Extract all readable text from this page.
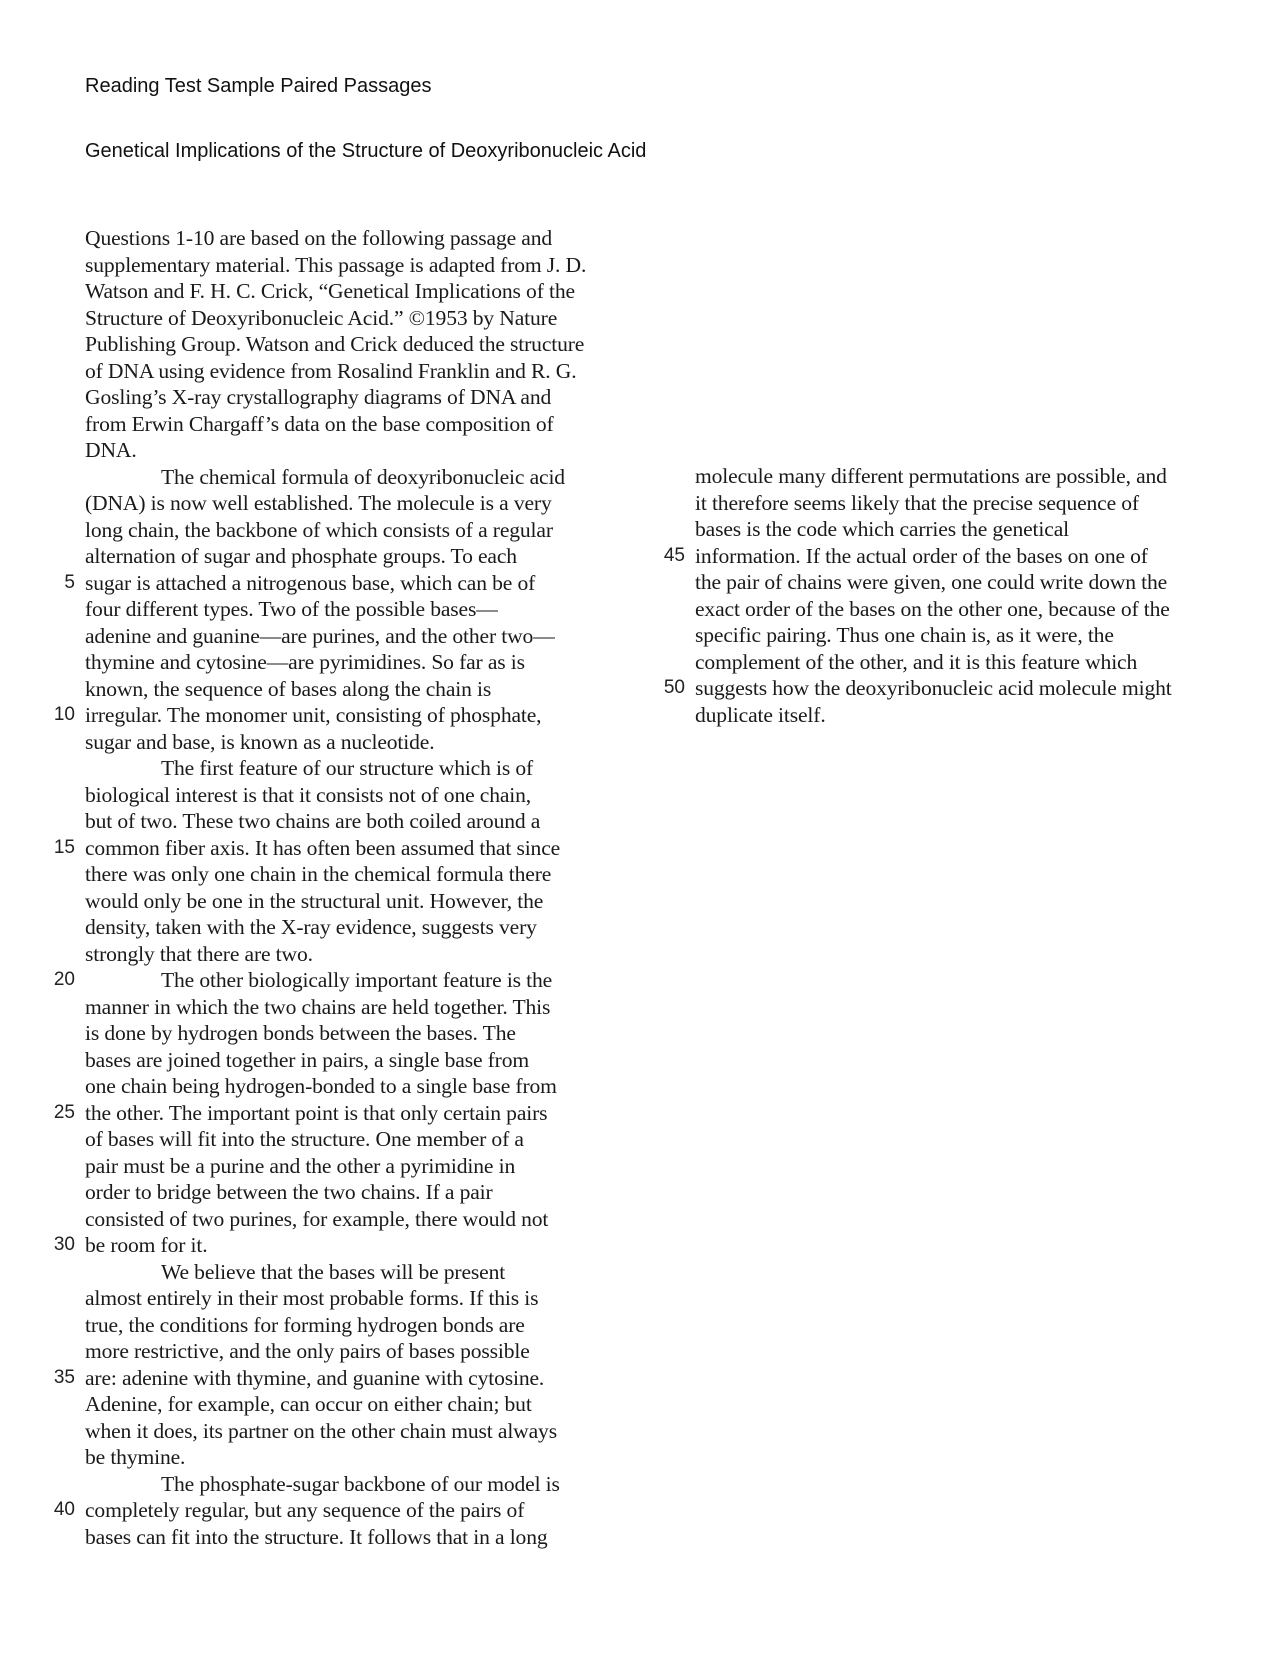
Reading Test Sample Paired Passages
Genetical Implications of the Structure of Deoxyribonucleic Acid
Questions 1-10 are based on the following passage and
supplementary material. This passage is adapted from J. D.
Watson and F. H. C. Crick, “Genetical Implications of the
Structure of Deoxyribonucleic Acid.” ©1953 by Nature
Publishing Group. Watson and Crick deduced the structure
of DNA using evidence from Rosalind Franklin and R. G.
Gosling’s X-ray crystallography diagrams of DNA and
from Erwin Chargaff’s data on the base composition of
DNA.
The chemical formula of deoxyribonucleic acid
(DNA) is now well established. The molecule is a very
long chain, the backbone of which consists of a regular
alternation of sugar and phosphate groups. To each
5 sugar is attached a nitrogenous base, which can be of
four different types. Two of the possible bases—
adenine and guanine—are purines, and the other two—
thymine and cytosine—are pyrimidines. So far as is
known, the sequence of bases along the chain is
10 irregular. The monomer unit, consisting of phosphate,
sugar and base, is known as a nucleotide.
The first feature of our structure which is of
biological interest is that it consists not of one chain,
but of two. These two chains are both coiled around a
15 common fiber axis. It has often been assumed that since
there was only one chain in the chemical formula there
would only be one in the structural unit. However, the
density, taken with the X-ray evidence, suggests very
strongly that there are two.
20	The other biologically important feature is the
manner in which the two chains are held together. This
is done by hydrogen bonds between the bases. The
bases are joined together in pairs, a single base from
one chain being hydrogen-bonded to a single base from
25 the other. The important point is that only certain pairs
of bases will fit into the structure. One member of a
pair must be a purine and the other a pyrimidine in
order to bridge between the two chains. If a pair
consisted of two purines, for example, there would not
30 be room for it.
We believe that the bases will be present
almost entirely in their most probable forms. If this is
true, the conditions for forming hydrogen bonds are
more restrictive, and the only pairs of bases possible
35 are: adenine with thymine, and guanine with cytosine.
Adenine, for example, can occur on either chain; but
when it does, its partner on the other chain must always
be thymine.
The phosphate-sugar backbone of our model is
40 completely regular, but any sequence of the pairs of
bases can fit into the structure. It follows that in a long
molecule many different permutations are possible, and
it therefore seems likely that the precise sequence of
bases is the code which carries the genetical
45 information. If the actual order of the bases on one of
the pair of chains were given, one could write down the
exact order of the bases on the other one, because of the
specific pairing. Thus one chain is, as it were, the
complement of the other, and it is this feature which
50 suggests how the deoxyribonucleic acid molecule might
duplicate itself.
